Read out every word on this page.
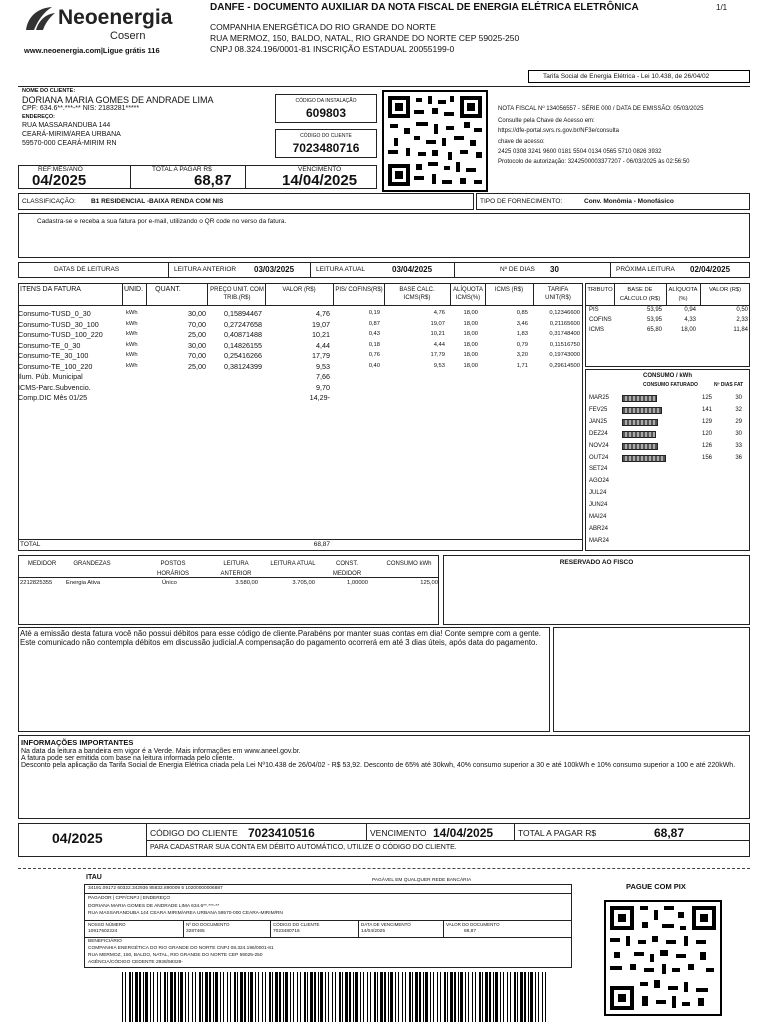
Neoenergia
Cosern
www.neoenergia.com|Ligue grátis 116
DANFE - DOCUMENTO AUXILIAR DA NOTA FISCAL DE ENERGIA ELÉTRICA ELETRÔNICA	1/1
COMPANHIA ENERGÉTICA DO RIO GRANDE DO NORTE
RUA MERMOZ, 150, BALDO, NATAL, RIO GRANDE DO NORTE CEP 59025-250
CNPJ 08.324.196/0001-81 INSCRIÇÃO ESTADUAL 20055199-0
Tarifa Social de Energia Elétrica - Lei 10.438, de 26/04/02
NOME DO CLIENTE:
DORIANA MARIA GOMES DE ANDRADE LIMA
CPF: 634.6**.***-** NIS: 2183281*****
ENDEREÇO:
RUA MASSARANDUBA 144
CEARÁ-MIRIM/AREA URBANA
59570-000 CEARÁ-MIRIM RN
CÓDIGO DA INSTALAÇÃO
609803
CÓDIGO DO CLIENTE
7023480716
NOTA FISCAL Nº 134056557 - SÉRIE 000 / DATA DE EMISSÃO: 05/03/2025
Consulte pela Chave de Acesso em:
https://dfe-portal.svrs.rs.gov.br/NF3e/consulta
chave de acesso:
2425 0308 3241 9600 0181 5504 0134 0565 5710 0826 3932
Protocolo de autorização: 3242500003377207 - 06/03/2025 às 02:56:50
REF:MÊS/ANO
04/2025
TOTAL A PAGAR R$
68,87
VENCIMENTO
14/04/2025
CLASSIFICAÇÃO: B1 RESIDENCIAL -BAIXA RENDA COM NIS	TIPO DE FORNECIMENTO:	Conv. Monômia - Monofásico
Cadastra-se e receba a sua fatura por e-mail, utilizando o QR code no verso da fatura.
DATAS DE LEITURAS	LEITURA ANTERIOR 03/03/2025	LEITURA ATUAL	03/04/2025	Nº DE DIAS 30	PRÓXIMA LEITURA 02/04/2025
ITENS DA FATURA	UNID.	QUANT.	PREÇO UNIT. COM TRIB.(R$)
VALOR (R$)	PIS/ COFINS(R$)	BASE CALC. ICMS(R$)
ALÍQUOTA ICMS(%)
ICMS (R$)	TARIFA UNIT(R$)
Consumo-TUSD_0_30	kWh	30,00	0,15894467	4,76	0,19	4,76	18,00	0,85	0,12346600
Consumo-TUSD_30_100	kWh	70,00	0,27247658	19,07	0,87	19,07	18,00	3,46	0,21165600
Consumo-TUSD_100_220	kWh	25,00	0,40871488	10,21	0,43	10,21	18,00	1,83	0,31748400
Consumo-TE_0_30	kWh	30,00	0,14826155	4,44	0,18	4,44	18,00	0,79	0,11516750
Consumo-TE_30_100	kWh	70,00	0,25416266	17,79	0,76	17,79	18,00	3,20	0,19743000
Consumo-TE_100_220	kWh	25,00	0,38124399	9,53	0,40	9,53	18,00	1,71	0,29614500
Ilum. Púb. Municipal	7,66
ICMS-Parc.Subvencio.	9,70
Comp.DIC Mês 01/25	14,29-
TOTAL	68,87
TRIBUTO	BASE DE CÁLCULO (R$)
ALÍQUOTA (%)
VALOR (R$)
PIS	53,95	0,94	0,50
COFINS	53,95	4,33	2,33
ICMS	65,80	18,00	11,84
CONSUMO / kWh
CONSUMO FATURADO	Nº DIAS FAT
MAR25	125	30
FEV25	141	32
JAN25	129	29
DEZ24	120	30
NOV24	126	33
OUT24	156	36
SET24
AGO24
JUL24
JUN24
MAI24
ABR24
MAR24
MEDIDOR	GRANDEZAS	POSTOS HORÁRIOS
LEITURA ANTERIOR
LEITURA ATUAL	CONST. MEDIDOR
CONSUMO kWh
2212825355	Energia Ativa	Único	3.580,00	3.705,00	1,00000	125,00
RESERVADO AO FISCO
Até a emissão desta fatura você não possui débitos para esse código de cliente.Parabéns por manter suas contas em dia! Conte sempre com a gente. Este comunicado não contempla débitos em discussão judicial.A compensação do pagamento ocorrerá em até 3 dias úteis, após data do pagamento.
INFORMAÇÕES IMPORTANTES
Na data da leitura a bandeira em vigor é a Verde. Mais informações em www.aneel.gov.br.
A fatura pode ser emitida com base na leitura informada pelo cliente.
Desconto pela aplicação da Tarifa Social de Energia Elétrica criada pela Lei Nº10.438 de 26/04/02 - R$ 53,92. Desconto de 65% até 30kwh, 40% consumo superior a 30 e até 100kWh e 10% consumo superior a 100 e até 220kWh.
04/2025	CÓDIGO DO CLIENTE 7023410516	VENCIMENTO 14/04/2025	TOTAL A PAGAR R$	68,87
PARA CADASTRAR SUA CONTA EM DÉBITO AUTOMÁTICO, UTILIZE O CÓDIGO DO CLIENTE.
ITAU	PAGÁVEL EM QUALQUER REDE BANCÁRIA
34191.09172 60322.342936 85832.890009 5 10200000006887
PAGADOR | CPF/CNPJ | ENDEREÇO
DORIANA MARIA GOMES DE ANDRADE LIMA 634.6**.***-**
RUA MASSARANDUBA 144 CEARA MIRIM/AREA URBANA 59570-000 CEARA-MIRIM/RN
NOSSO NÚMERO
10917602224
Nº DO DOCUMENTO
3287465
CÓDIGO DO CLIENTE
7023480716
DATA DE VENCIMENTO
14/04/2025
VALOR DO DOCUMENTO
68,87
BENEFICIÁRIO
COMPANHIA ENERGÉTICA DO RIO GRANDE DO NORTE CNPJ 08.324.196/0001-81
RUA MERMOZ, 150, BALDO, NATAL, RIO GRANDE DO NORTE CEP 59025-250
AGÊNCIA/CÓDIGO CEDENTE 2938/59328-
PAGUE COM PIX
